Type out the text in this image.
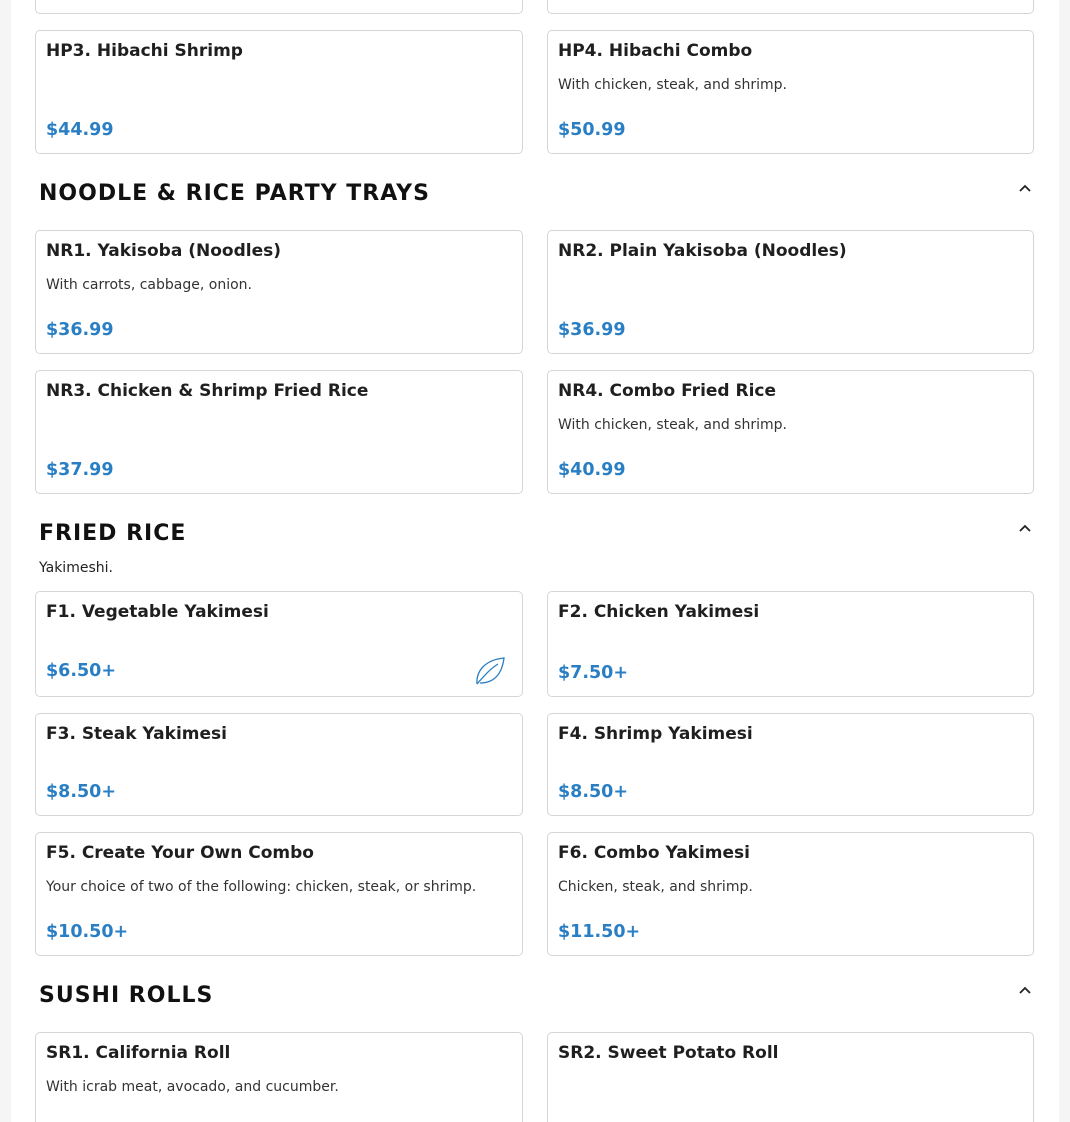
HP3. Hibachi Shrimp
$44.99
HP4. Hibachi Combo
With chicken, steak, and shrimp.
$50.99
NOODLE & RICE PARTY TRAYS
NR1. Yakisoba (Noodles)
With carrots, cabbage, onion.
$36.99
NR2. Plain Yakisoba (Noodles)
$36.99
NR3. Chicken & Shrimp Fried Rice
$37.99
NR4. Combo Fried Rice
With chicken, steak, and shrimp.
$40.99
FRIED RICE
Yakimeshi.
F1. Vegetable Yakimesi
$6.50+
F2. Chicken Yakimesi
$7.50+
F3. Steak Yakimesi
$8.50+
F4. Shrimp Yakimesi
$8.50+
F5. Create Your Own Combo
Your choice of two of the following: chicken, steak, or shrimp.
$10.50+
F6. Combo Yakimesi
Chicken, steak, and shrimp.
$11.50+
SUSHI ROLLS
SR1. California Roll
With icrab meat, avocado, and cucumber.
SR2. Sweet Potato Roll
